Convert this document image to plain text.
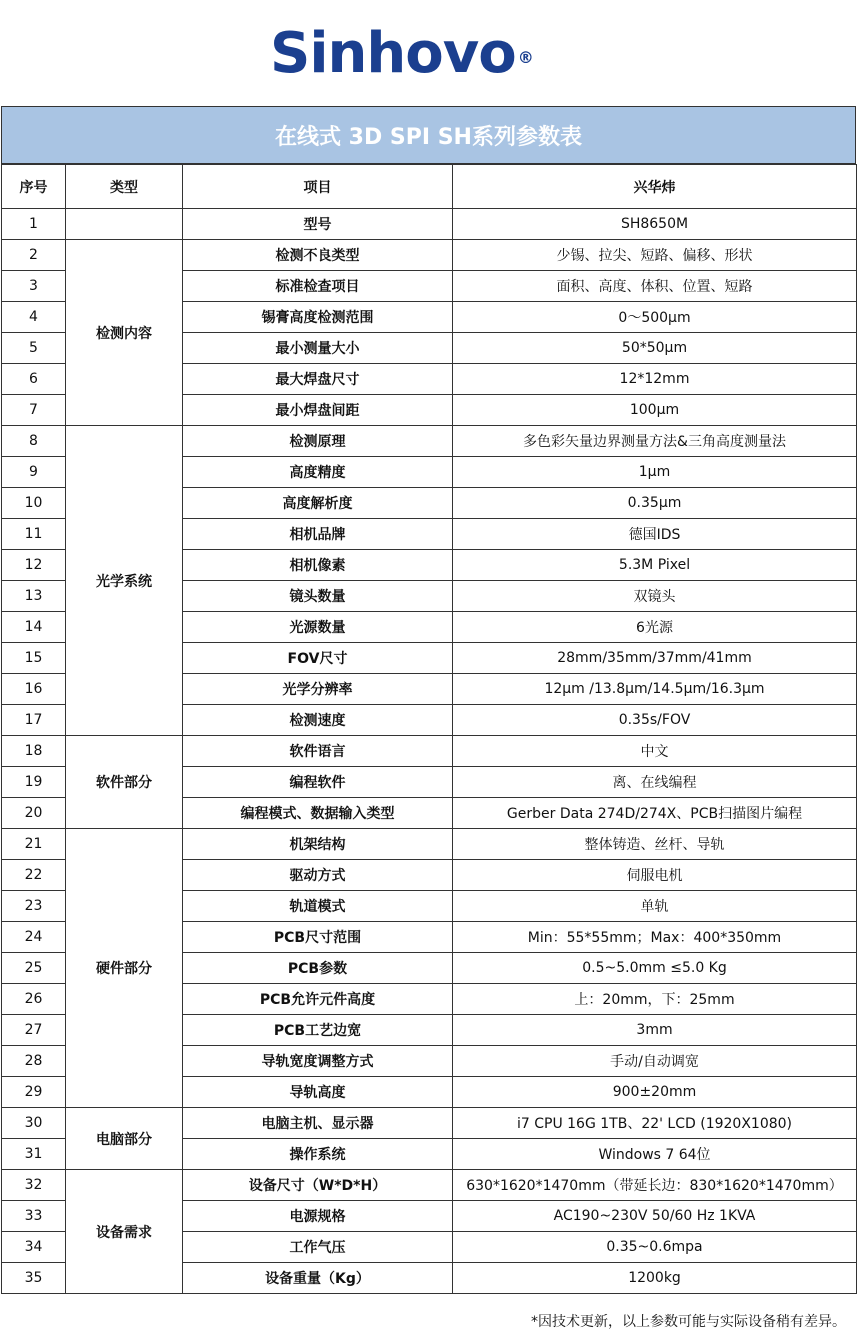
Sinhovo ®
在线式 3D SPI SH系列参数表
序号	类型	项目	兴华炜
1		型号	SH8650M
2	检测内容	检测不良类型	少锡、拉尖、短路、偏移、形状
3		标准检查项目	面积、高度、体积、位置、短路
4		锡膏高度检测范围	0～500μm
5		最小测量大小	50*50μm
6		最大焊盘尺寸	12*12mm
7		最小焊盘间距	100μm
8	光学系统	检测原理	多色彩矢量边界测量方法&三角高度测量法
9		高度精度	1μm
10		高度解析度	0.35μm
11		相机品牌	德国IDS
12		相机像素	5.3M Pixel
13		镜头数量	双镜头
14		光源数量	6光源
15		FOV尺寸	28mm/35mm/37mm/41mm
16		光学分辨率	12μm /13.8μm/14.5μm/16.3μm
17		检测速度	0.35s/FOV
18	软件部分	软件语言	中文
19		编程软件	离、在线编程
20		编程模式、数据输入类型	Gerber Data 274D/274X、PCB扫描图片编程
21	硬件部分	机架结构	整体铸造、丝杆、导轨
22		驱动方式	伺服电机
23		轨道模式	单轨
24		PCB尺寸范围	Min：55*55mm；Max：400*350mm
25		PCB参数	0.5~5.0mm ≤5.0 Kg
26		PCB允许元件高度	上：20mm，下：25mm
27		PCB工艺边宽	3mm
28		导轨宽度调整方式	手动/自动调宽
29		导轨高度	900±20mm
30	电脑部分	电脑主机、显示器	i7 CPU 16G 1TB、22' LCD (1920X1080)
31		操作系统	Windows 7 64位
32	设备需求	设备尺寸（W*D*H）	630*1620*1470mm（带延长边：830*1620*1470mm）
33		电源规格	AC190~230V 50/60 Hz 1KVA
34		工作气压	0.35~0.6mpa
35		设备重量（Kg）	1200kg
*因技术更新，以上参数可能与实际设备稍有差异。
